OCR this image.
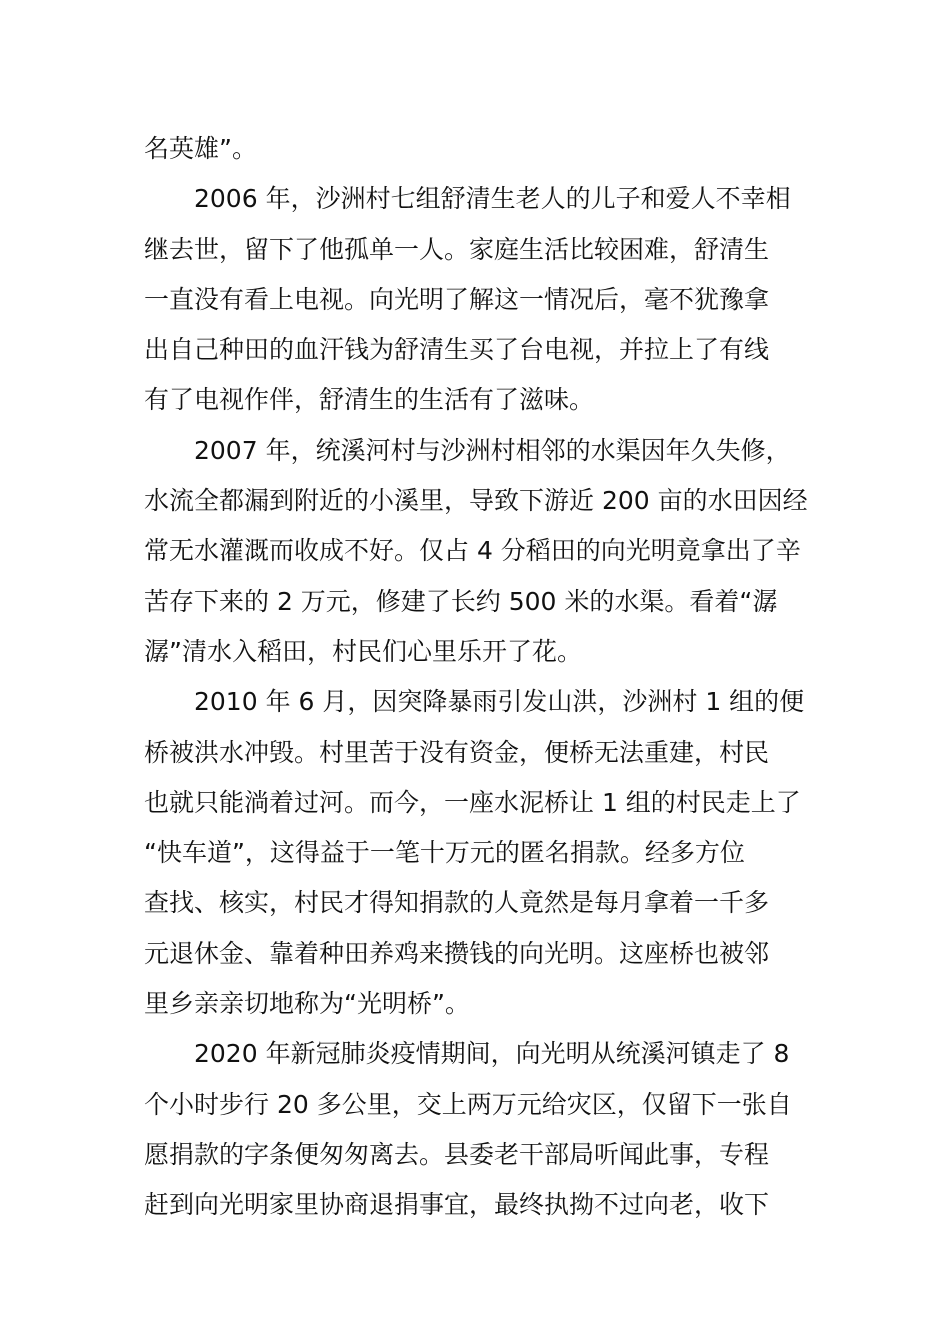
名英雄”。
2006 年，沙洲村七组舒清生老人的儿子和爱人不幸相
继去世，留下了他孤单一人。家庭生活比较困难，舒清生
一直没有看上电视。向光明了解这一情况后，毫不犹豫拿
出自己种田的血汗钱为舒清生买了台电视，并拉上了有线
有了电视作伴，舒清生的生活有了滋味。
2007 年，统溪河村与沙洲村相邻的水渠因年久失修，
水流全都漏到附近的小溪里，导致下游近 200 亩的水田因经
常无水灌溉而收成不好。仅占 4 分稻田的向光明竟拿出了辛
苦存下来的 2 万元，修建了长约 500 米的水渠。看着“潺
潺”清水入稻田，村民们心里乐开了花。
2010 年 6 月，因突降暴雨引发山洪，沙洲村 1 组的便
桥被洪水冲毁。村里苦于没有资金，便桥无法重建，村民
也就只能淌着过河。而今，一座水泥桥让 1 组的村民走上了
“快车道”，这得益于一笔十万元的匿名捐款。经多方位
查找、核实，村民才得知捐款的人竟然是每月拿着一千多
元退休金、靠着种田养鸡来攒钱的向光明。这座桥也被邻
里乡亲亲切地称为“光明桥”。
2020 年新冠肺炎疫情期间，向光明从统溪河镇走了 8
个小时步行 20 多公里，交上两万元给灾区，仅留下一张自
愿捐款的字条便匆匆离去。县委老干部局听闻此事，专程
赶到向光明家里协商退捐事宜，最终执拗不过向老，收下
